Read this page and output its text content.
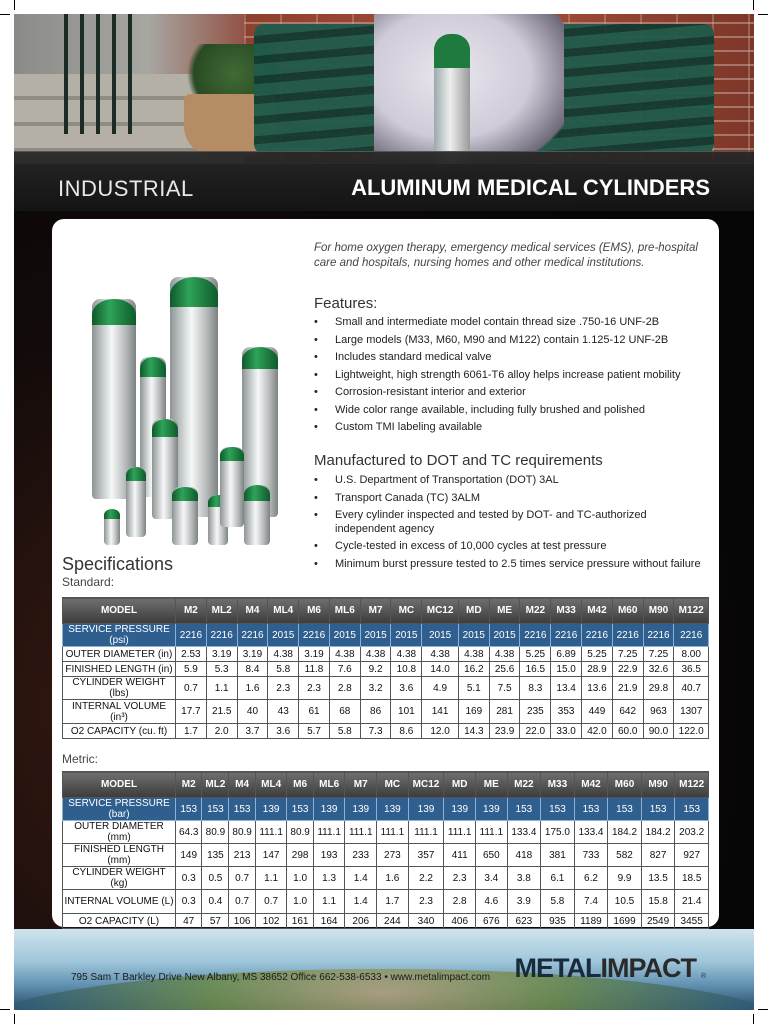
INDUSTRIAL	ALUMINUM MEDICAL CYLINDERS
For home oxygen therapy, emergency medical services (EMS), pre-hospital care and hospitals, nursing homes and other medical institutions.
Features:
• Small and intermediate model contain thread size .750-16 UNF-2B
• Large models (M33, M60, M90 and M122) contain 1.125-12 UNF-2B
• Includes standard medical valve
• Lightweight, high strength 6061-T6 alloy helps increase patient mobility
• Corrosion-resistant interior and exterior
• Wide color range available, including fully brushed and polished
• Custom TMI labeling available
Manufactured to DOT and TC requirements
• U.S. Department of Transportation (DOT) 3AL
• Transport Canada (TC) 3ALM
• Every cylinder inspected and tested by DOT- and TC-authorized independent agency
• Cycle-tested in excess of 10,000 cycles at test pressure
• Minimum burst pressure tested to 2.5 times service pressure without failure
Specifications
Standard:
MODEL	M2	ML2	M4	ML4	M6	ML6	M7	MC	MC12	MD	ME	M22	M33	M42	M60	M90	M122
SERVICE PRESSURE (psi)	2216	2216	2216	2015	2216	2015	2015	2015	2015	2015	2015	2216	2216	2216	2216	2216	2216
OUTER DIAMETER (in)	2.53	3.19	3.19	4.38	3.19	4.38	4.38	4.38	4.38	4.38	4.38	5.25	6.89	5.25	7.25	7.25	8.00
FINISHED LENGTH (in)	5.9	5.3	8.4	5.8	11.8	7.6	9.2	10.8	14.0	16.2	25.6	16.5	15.0	28.9	22.9	32.6	36.5
CYLINDER WEIGHT (lbs)	0.7	1.1	1.6	2.3	2.3	2.8	3.2	3.6	4.9	5.1	7.5	8.3	13.4	13.6	21.9	29.8	40.7
INTERNAL VOLUME (in³)	17.7	21.5	40	43	61	68	86	101	141	169	281	235	353	449	642	963	1307
O2 CAPACITY (cu. ft)	1.7	2.0	3.7	3.6	5.7	5.8	7.3	8.6	12.0	14.3	23.9	22.0	33.0	42.0	60.0	90.0	122.0
Metric:
MODEL	M2	ML2	M4	ML4	M6	ML6	M7	MC	MC12	MD	ME	M22	M33	M42	M60	M90	M122
SERVICE PRESSURE (bar)	153	153	153	139	153	139	139	139	139	139	139	153	153	153	153	153	153
OUTER DIAMETER (mm)	64.3	80.9	80.9	111.1	80.9	111.1	111.1	111.1	111.1	111.1	111.1	133.4	175.0	133.4	184.2	184.2	203.2
FINISHED LENGTH (mm)	149	135	213	147	298	193	233	273	357	411	650	418	381	733	582	827	927
CYLINDER WEIGHT (kg)	0.3	0.5	0.7	1.1	1.0	1.3	1.4	1.6	2.2	2.3	3.4	3.8	6.1	6.2	9.9	13.5	18.5
INTERNAL VOLUME (L)	0.3	0.4	0.7	0.7	1.0	1.1	1.4	1.7	2.3	2.8	4.6	3.9	5.8	7.4	10.5	15.8	21.4
O2 CAPACITY (L)	47	57	106	102	161	164	206	244	340	406	676	623	935	1189	1699	2549	3455
795 Sam T Barkley Drive New Albany, MS 38652 Office 662-538-6533 • www.metalimpact.com METALIMPACT ®
